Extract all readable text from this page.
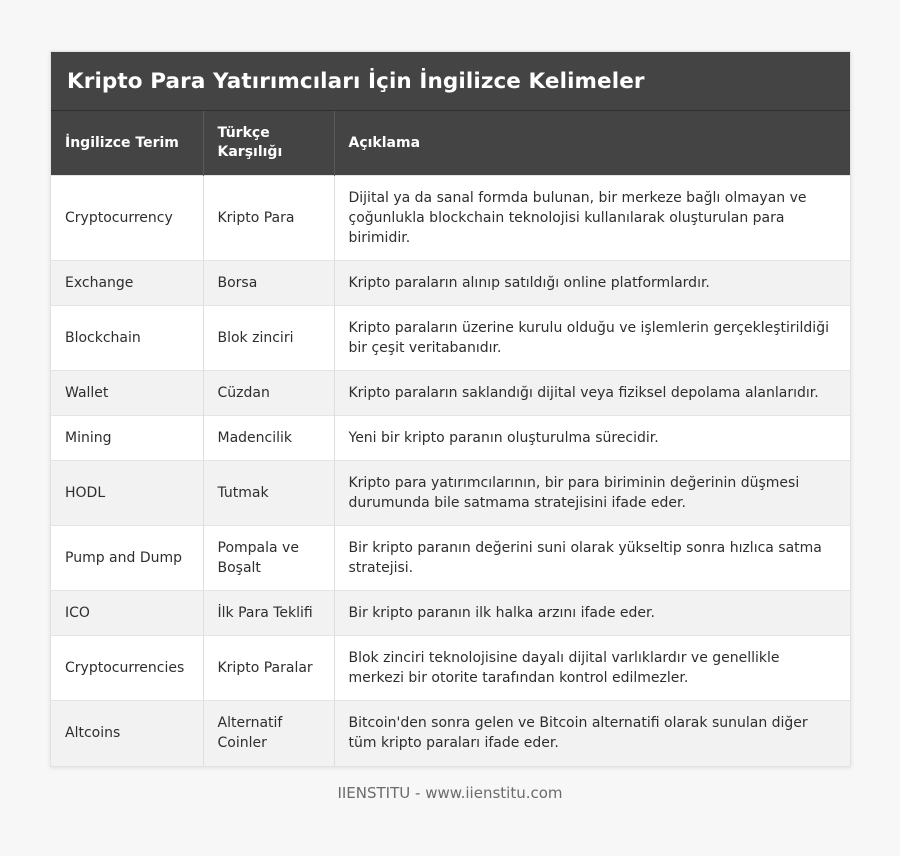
Kripto Para Yatırımcıları İçin İngilizce Kelimeler
İngilizce Terim	Türkçe Karşılığı	Açıklama
Cryptocurrency	Kripto Para	Dijital ya da sanal formda bulunan, bir merkeze bağlı olmayan ve çoğunlukla blockchain teknolojisi kullanılarak oluşturulan para birimidir.
Exchange	Borsa	Kripto paraların alınıp satıldığı online platformlardır.
Blockchain	Blok zinciri	Kripto paraların üzerine kurulu olduğu ve işlemlerin gerçekleştirildiği bir çeşit veritabanıdır.
Wallet	Cüzdan	Kripto paraların saklandığı dijital veya fiziksel depolama alanlarıdır.
Mining	Madencilik	Yeni bir kripto paranın oluşturulma sürecidir.
HODL	Tutmak	Kripto para yatırımcılarının, bir para biriminin değerinin düşmesi durumunda bile satmama stratejisini ifade eder.
Pump and Dump	Pompala ve Boşalt	Bir kripto paranın değerini suni olarak yükseltip sonra hızlıca satma stratejisi.
ICO	İlk Para Teklifi	Bir kripto paranın ilk halka arzını ifade eder.
Cryptocurrencies	Kripto Paralar	Blok zinciri teknolojisine dayalı dijital varlıklardır ve genellikle merkezi bir otorite tarafından kontrol edilmezler.
Altcoins	Alternatif Coinler	Bitcoin'den sonra gelen ve Bitcoin alternatifi olarak sunulan diğer tüm kripto paraları ifade eder.
IIENSTITU - www.iienstitu.com
